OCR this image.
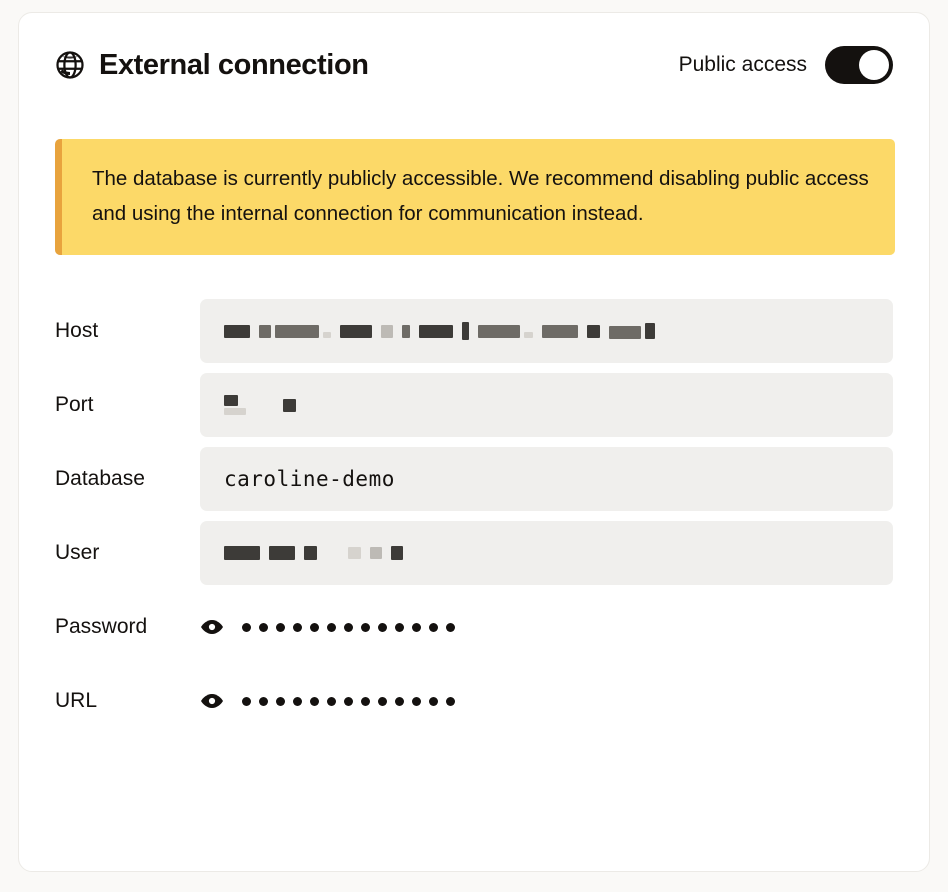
External connection	Public access
The database is currently publicly accessible. We recommend disabling public access and using the internal connection for communication instead.
Host
Port
Database	caroline-demo
User
Password
URL
